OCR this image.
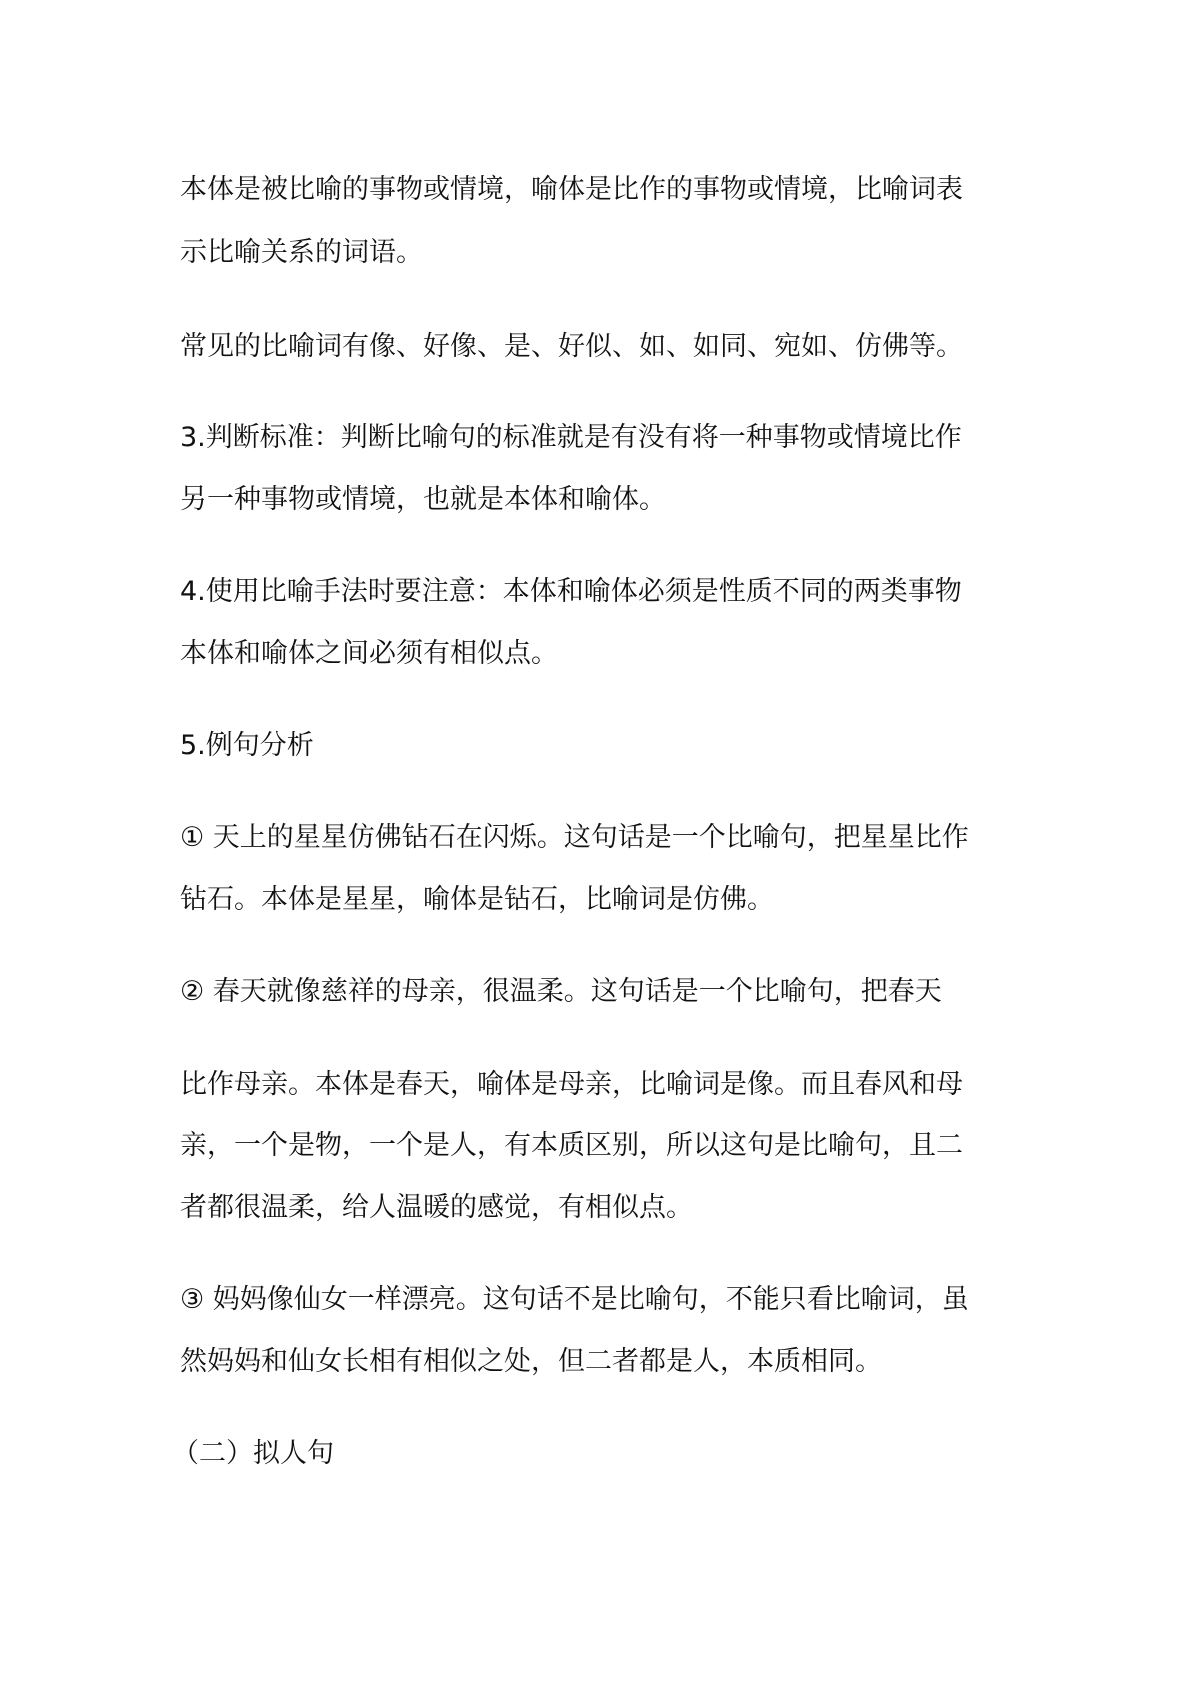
本体是被比喻的事物或情境，喻体是比作的事物或情境，比喻词表
示比喻关系的词语。
常见的比喻词有像、好像、是、好似、如、如同、宛如、仿佛等。
3.判断标准：判断比喻句的标准就是有没有将一种事物或情境比作
另一种事物或情境，也就是本体和喻体。
4.使用比喻手法时要注意：本体和喻体必须是性质不同的两类事物
本体和喻体之间必须有相似点。
5.例句分析
① 天上的星星仿佛钻石在闪烁。这句话是一个比喻句，把星星比作
钻石。本体是星星，喻体是钻石，比喻词是仿佛。
② 春天就像慈祥的母亲，很温柔。这句话是一个比喻句，把春天
比作母亲。本体是春天，喻体是母亲，比喻词是像。而且春风和母
亲，一个是物，一个是人，有本质区别，所以这句是比喻句，且二
者都很温柔，给人温暖的感觉，有相似点。
③ 妈妈像仙女一样漂亮。这句话不是比喻句，不能只看比喻词，虽
然妈妈和仙女长相有相似之处，但二者都是人，本质相同。
（二）拟人句
